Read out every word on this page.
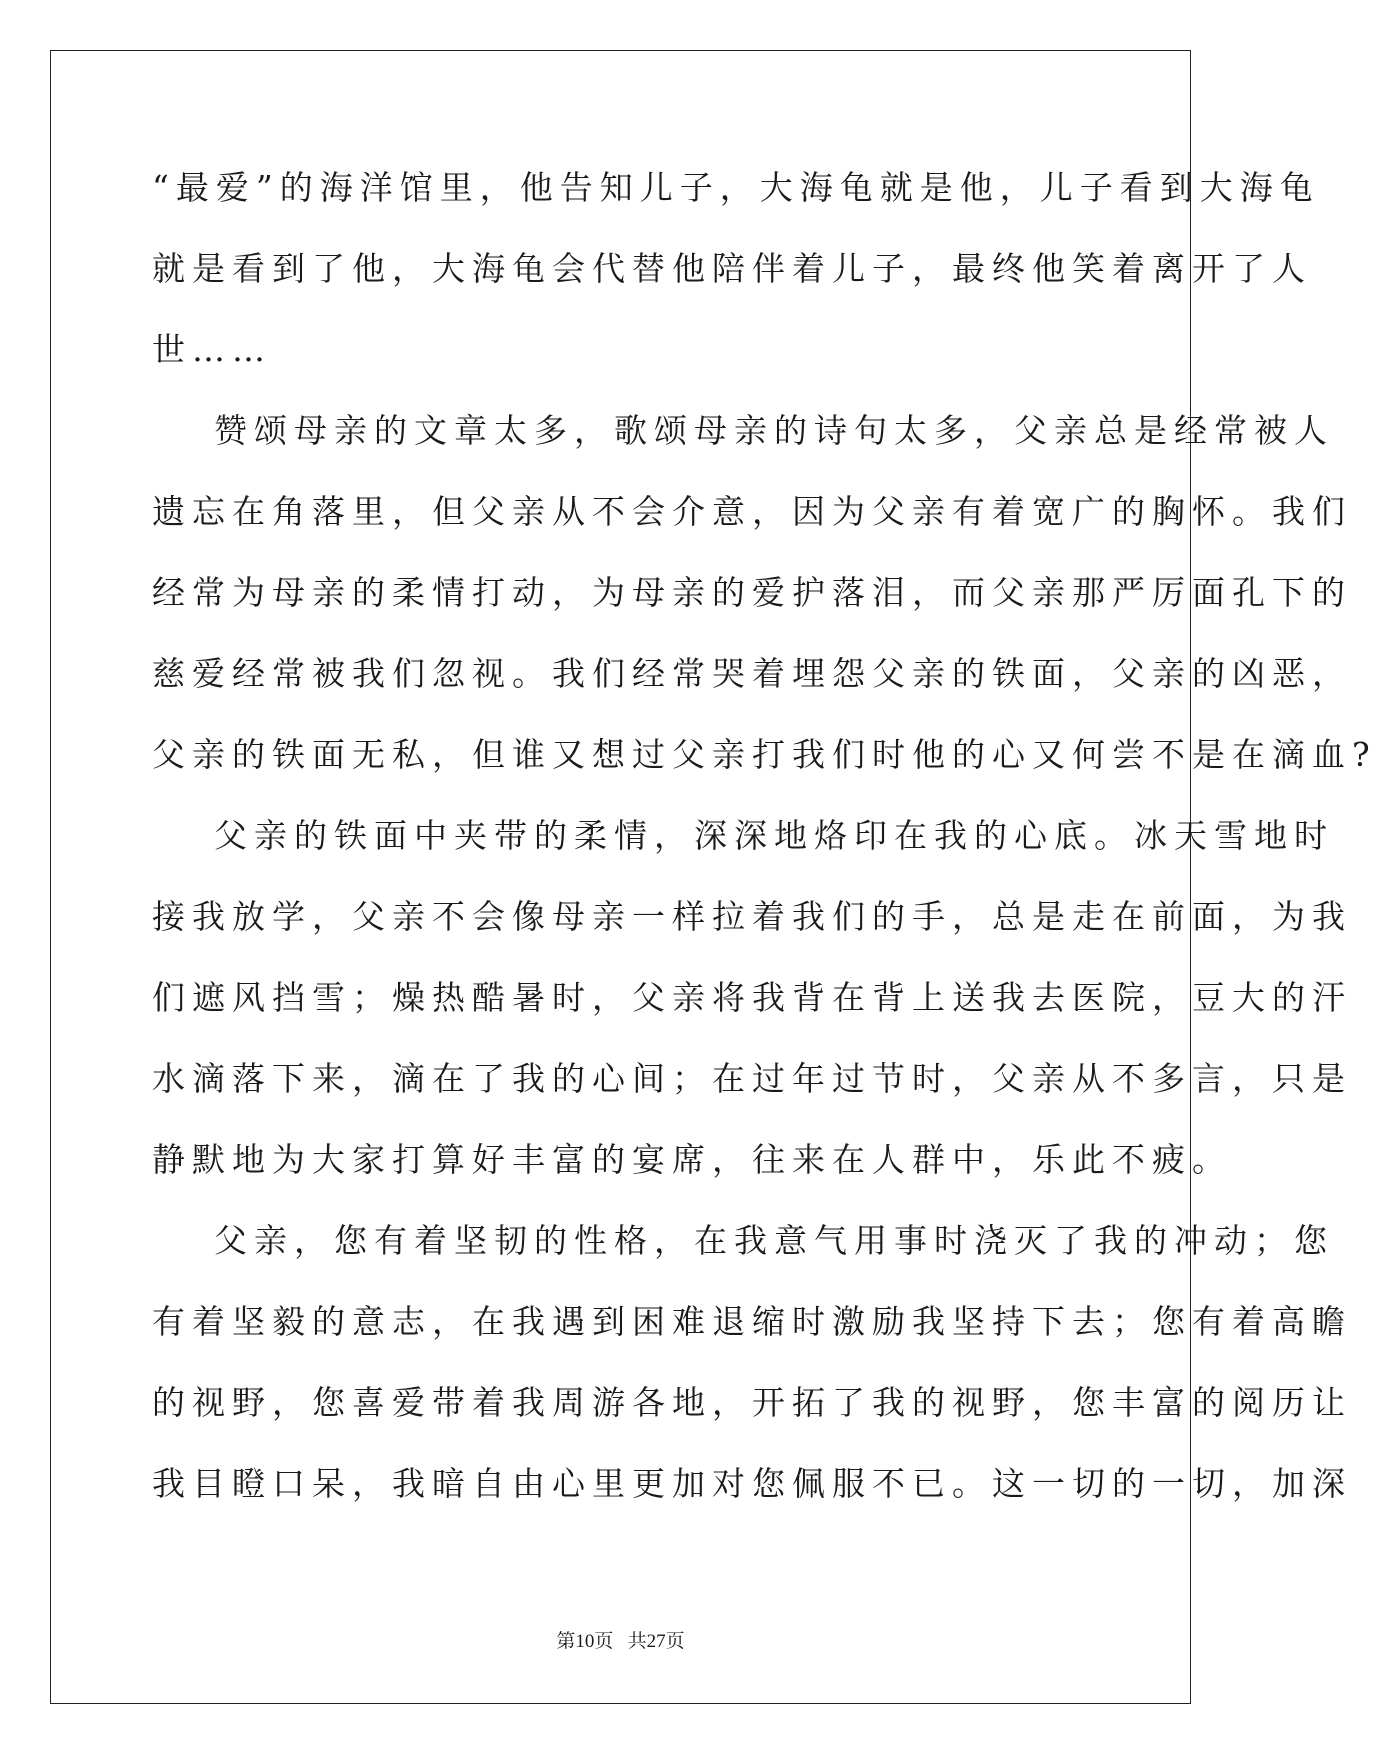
“最爱”的海洋馆里，他告知儿子，大海龟就是他，儿子看到大海龟
就是看到了他，大海龟会代替他陪伴着儿子，最终他笑着离开了人
世……
赞颂母亲的文章太多，歌颂母亲的诗句太多，父亲总是经常被人
遗忘在角落里，但父亲从不会介意，因为父亲有着宽广的胸怀。我们
经常为母亲的柔情打动，为母亲的爱护落泪，而父亲那严厉面孔下的
慈爱经常被我们忽视。我们经常哭着埋怨父亲的铁面，父亲的凶恶，
父亲的铁面无私，但谁又想过父亲打我们时他的心又何尝不是在滴血?
父亲的铁面中夹带的柔情，深深地烙印在我的心底。冰天雪地时
接我放学，父亲不会像母亲一样拉着我们的手，总是走在前面，为我
们遮风挡雪；燥热酷暑时，父亲将我背在背上送我去医院，豆大的汗
水滴落下来，滴在了我的心间；在过年过节时，父亲从不多言，只是
静默地为大家打算好丰富的宴席，往来在人群中，乐此不疲。
父亲，您有着坚韧的性格，在我意气用事时浇灭了我的冲动；您
有着坚毅的意志，在我遇到困难退缩时激励我坚持下去；您有着高瞻
的视野，您喜爱带着我周游各地，开拓了我的视野，您丰富的阅历让
我目瞪口呆，我暗自由心里更加对您佩服不已。这一切的一切，加深
第10页 共27页
